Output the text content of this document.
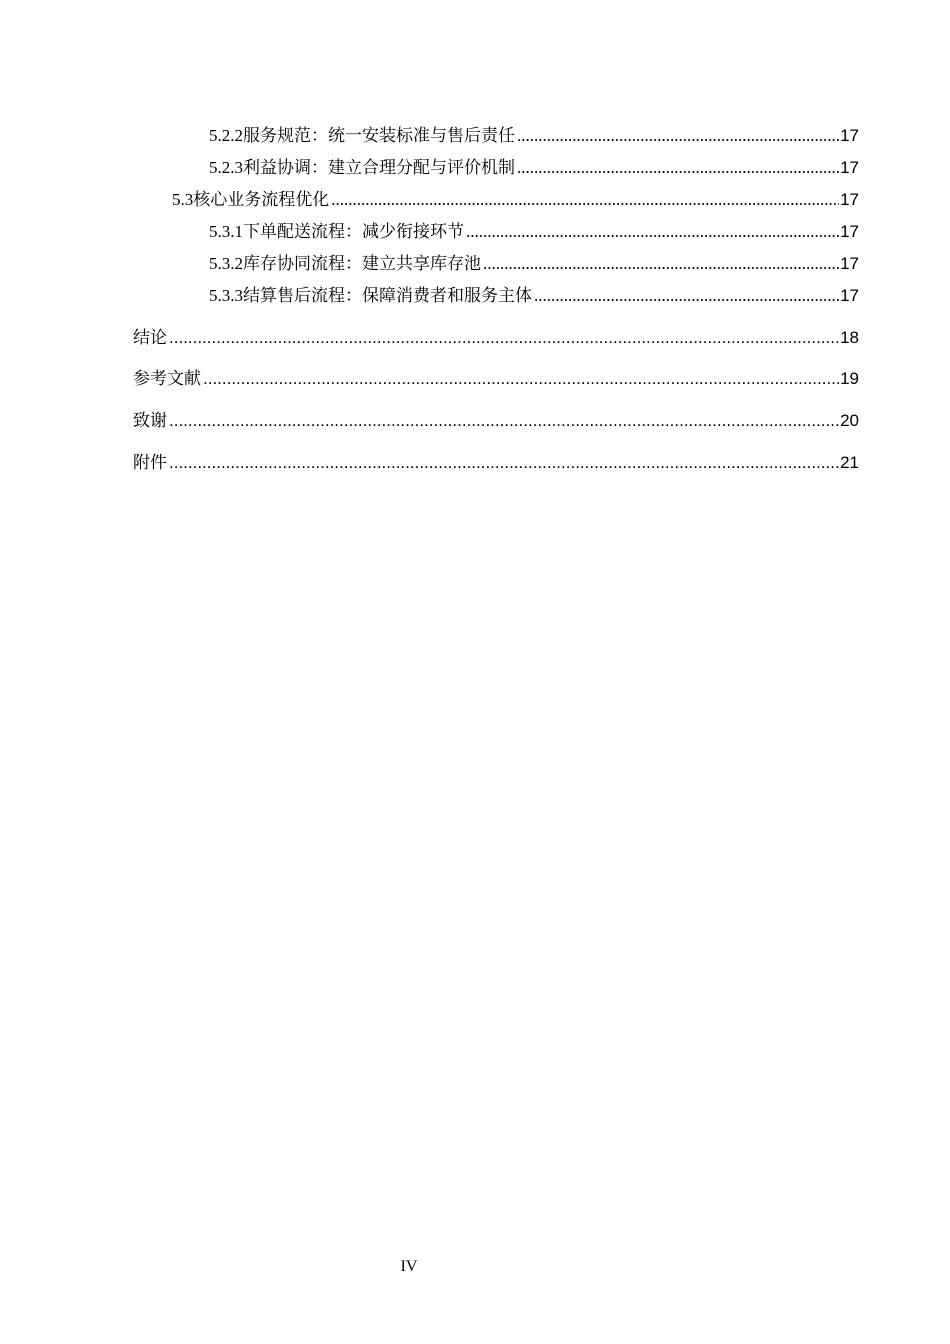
5.2.2 服务规范：统一安装标准与售后责任 .....	17
5.2.3 利益协调：建立合理分配与评价机制 .....	17
5.3 核心业务流程优化 .....	17
5.3.1 下单配送流程：减少衔接环节 .....	17
5.3.2 库存协同流程：建立共享库存池 .....	17
5.3.3 结算售后流程：保障消费者和服务主体 .....	17
结论 .....	18
参考文献 .....	19
致谢 .....	20
附件 .....	21
IV
